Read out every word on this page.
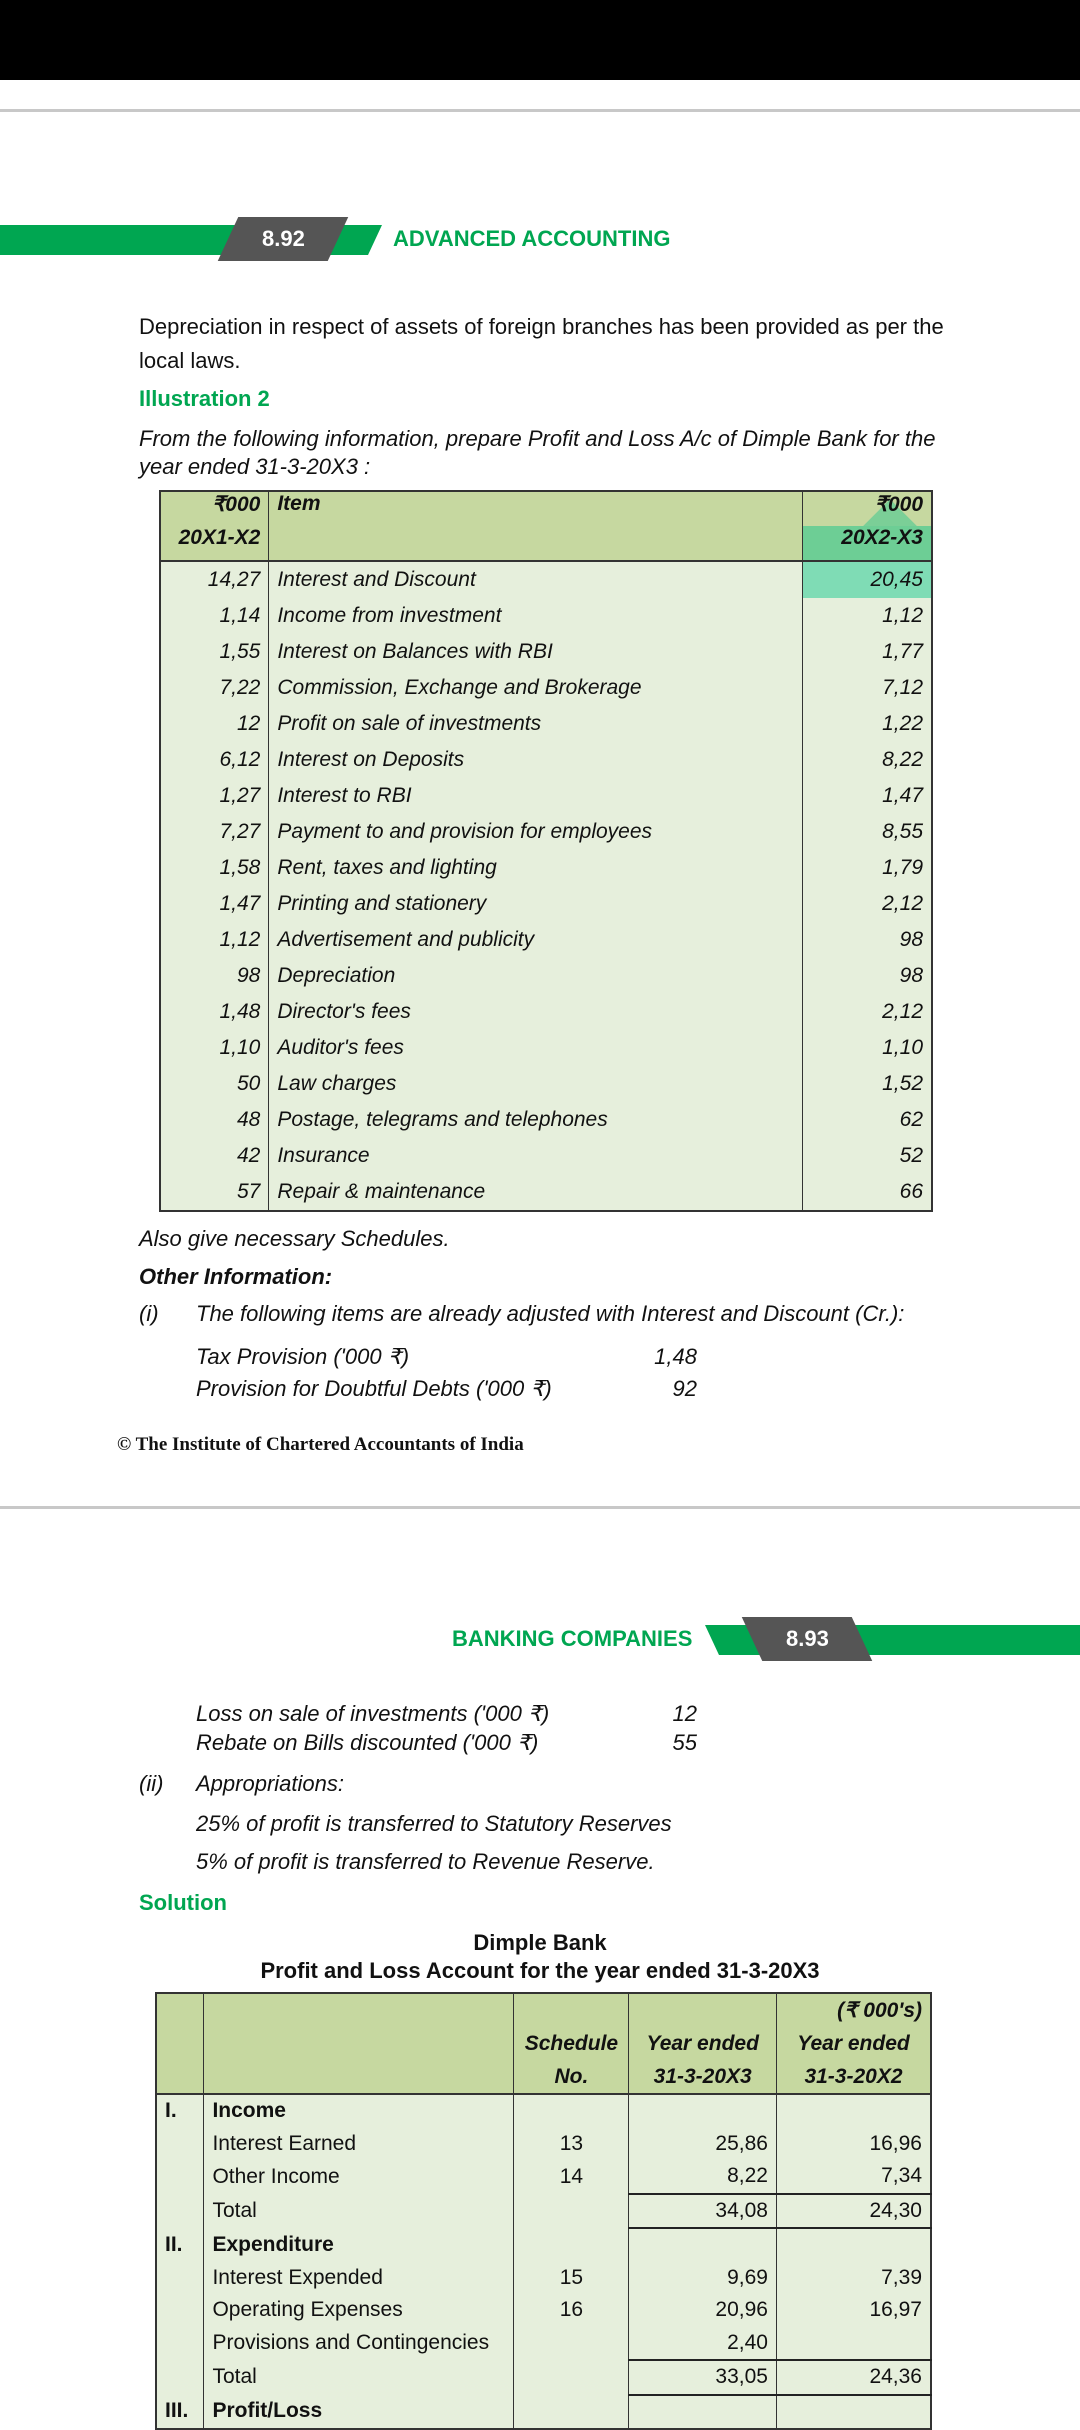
8.92	ADVANCED ACCOUNTING
Depreciation in respect of assets of foreign branches has been provided as per the local laws.
Illustration 2
From the following information, prepare Profit and Loss A/c of Dimple Bank for the
year ended 31-3-20X3 :
₹000	Item	₹000
20X1-X2		20X2-X3
14,27	Interest and Discount	20,45
1,14	Income from investment	1,12
1,55	Interest on Balances with RBI	1,77
7,22	Commission, Exchange and Brokerage	7,12
12	Profit on sale of investments	1,22
6,12	Interest on Deposits	8,22
1,27	Interest to RBI	1,47
7,27	Payment to and provision for employees	8,55
1,58	Rent, taxes and lighting	1,79
1,47	Printing and stationery	2,12
1,12	Advertisement and publicity	98
98	Depreciation	98
1,48	Director's fees	2,12
1,10	Auditor's fees	1,10
50	Law charges	1,52
48	Postage, telegrams and telephones	62
42	Insurance	52
57	Repair & maintenance	66
Also give necessary Schedules.
Other Information:
(i) The following items are already adjusted with Interest and Discount (Cr.):
Tax Provision ('000 ₹)	1,48
Provision for Doubtful Debts ('000 ₹)	92
© The Institute of Chartered Accountants of India
BANKING COMPANIES	8.93
Loss on sale of investments ('000 ₹)	12
Rebate on Bills discounted ('000 ₹)	55
(ii) Appropriations:
25% of profit is transferred to Statutory Reserves
5% of profit is transferred to Revenue Reserve.
Solution
Dimple Bank
Profit and Loss Account for the year ended 31-3-20X3
				(₹ 000's)
		Schedule	Year ended	Year ended
		No.	31-3-20X3	31-3-20X2
I.	Income			
	Interest Earned	13	25,86	16,96
	Other Income	14	8,22	7,34
	Total		34,08	24,30
II.	Expenditure			
	Interest Expended	15	9,69	7,39
	Operating Expenses	16	20,96	16,97
	Provisions and Contingencies		2,40	
	Total		33,05	24,36
III.	Profit/Loss			
